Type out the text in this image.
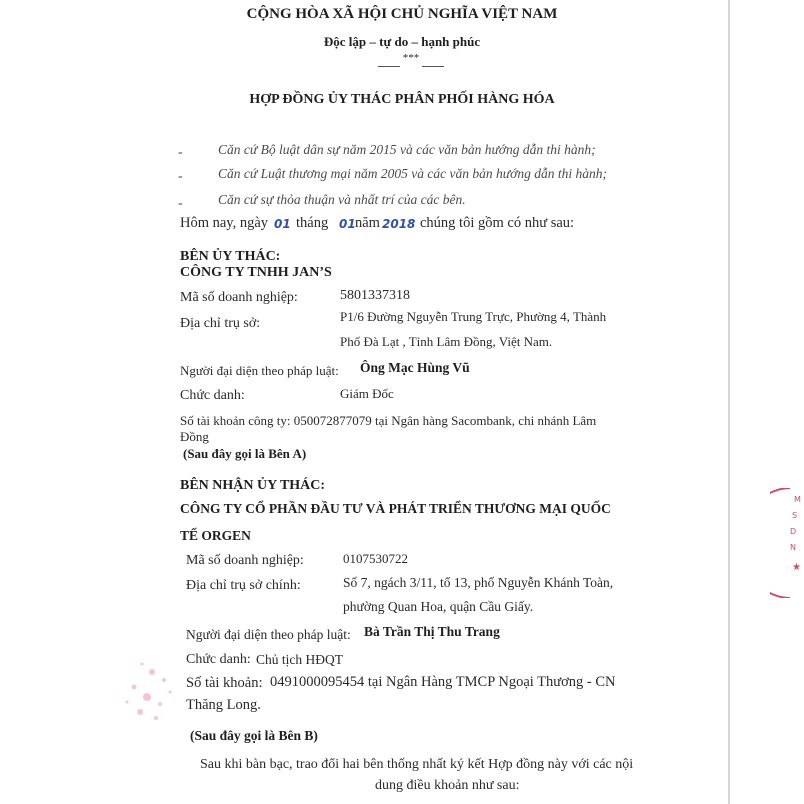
CỘNG HÒA XÃ HỘI CHỦ NGHĨA VIỆT NAM
Độc lập – tự do – hạnh phúc
***
HỢP ĐỒNG ỦY THÁC PHÂN PHỐI HÀNG HÓA
-	Căn cứ Bộ luật dân sự năm 2015 và các văn bản hướng dẫn thi hành;
-	Căn cứ Luật thương mại năm 2005 và các văn bản hướng dẫn thi hành;
-	Căn cứ sự thỏa thuận và nhất trí của các bên.
Hôm nay, ngày 01 tháng 01 năm 2018 chúng tôi gồm có như sau:
BÊN ỦY THÁC:
CÔNG TY TNHH JAN’S
Mã số doanh nghiệp:	5801337318
Địa chỉ trụ sở:	P1/6 Đường Nguyễn Trung Trực, Phường 4, Thành
Phố Đà Lạt , Tỉnh Lâm Đồng, Việt Nam.
Người đại diện theo pháp luật: Ông Mạc Hùng Vũ
Chức danh:	Giám Đốc
Số tài khoản công ty: 050072877079 tại Ngân hàng Sacombank, chi nhánh Lâm
Đồng
(Sau đây gọi là Bên A)
BÊN NHẬN ỦY THÁC:
CÔNG TY CỔ PHẦN ĐẦU TƯ VÀ PHÁT TRIỂN THƯƠNG MẠI QUỐC
TẾ ORGEN
Mã số doanh nghiệp:	0107530722
Địa chỉ trụ sở chính:	Số 7, ngách 3/11, tổ 13, phố Nguyễn Khánh Toàn,
phường Quan Hoa, quận Cầu Giấy.
Người đại diện theo pháp luật: Bà Trần Thị Thu Trang
Chức danh: Chủ tịch HĐQT
Số tài khoản: 0491000095454 tại Ngân Hàng TMCP Ngoại Thương - CN
Thăng Long.
(Sau đây gọi là Bên B)
Sau khi bàn bạc, trao đổi hai bên thống nhất ký kết Hợp đồng này với các nội
dung điều khoản như sau:
M
S
D
N
★
